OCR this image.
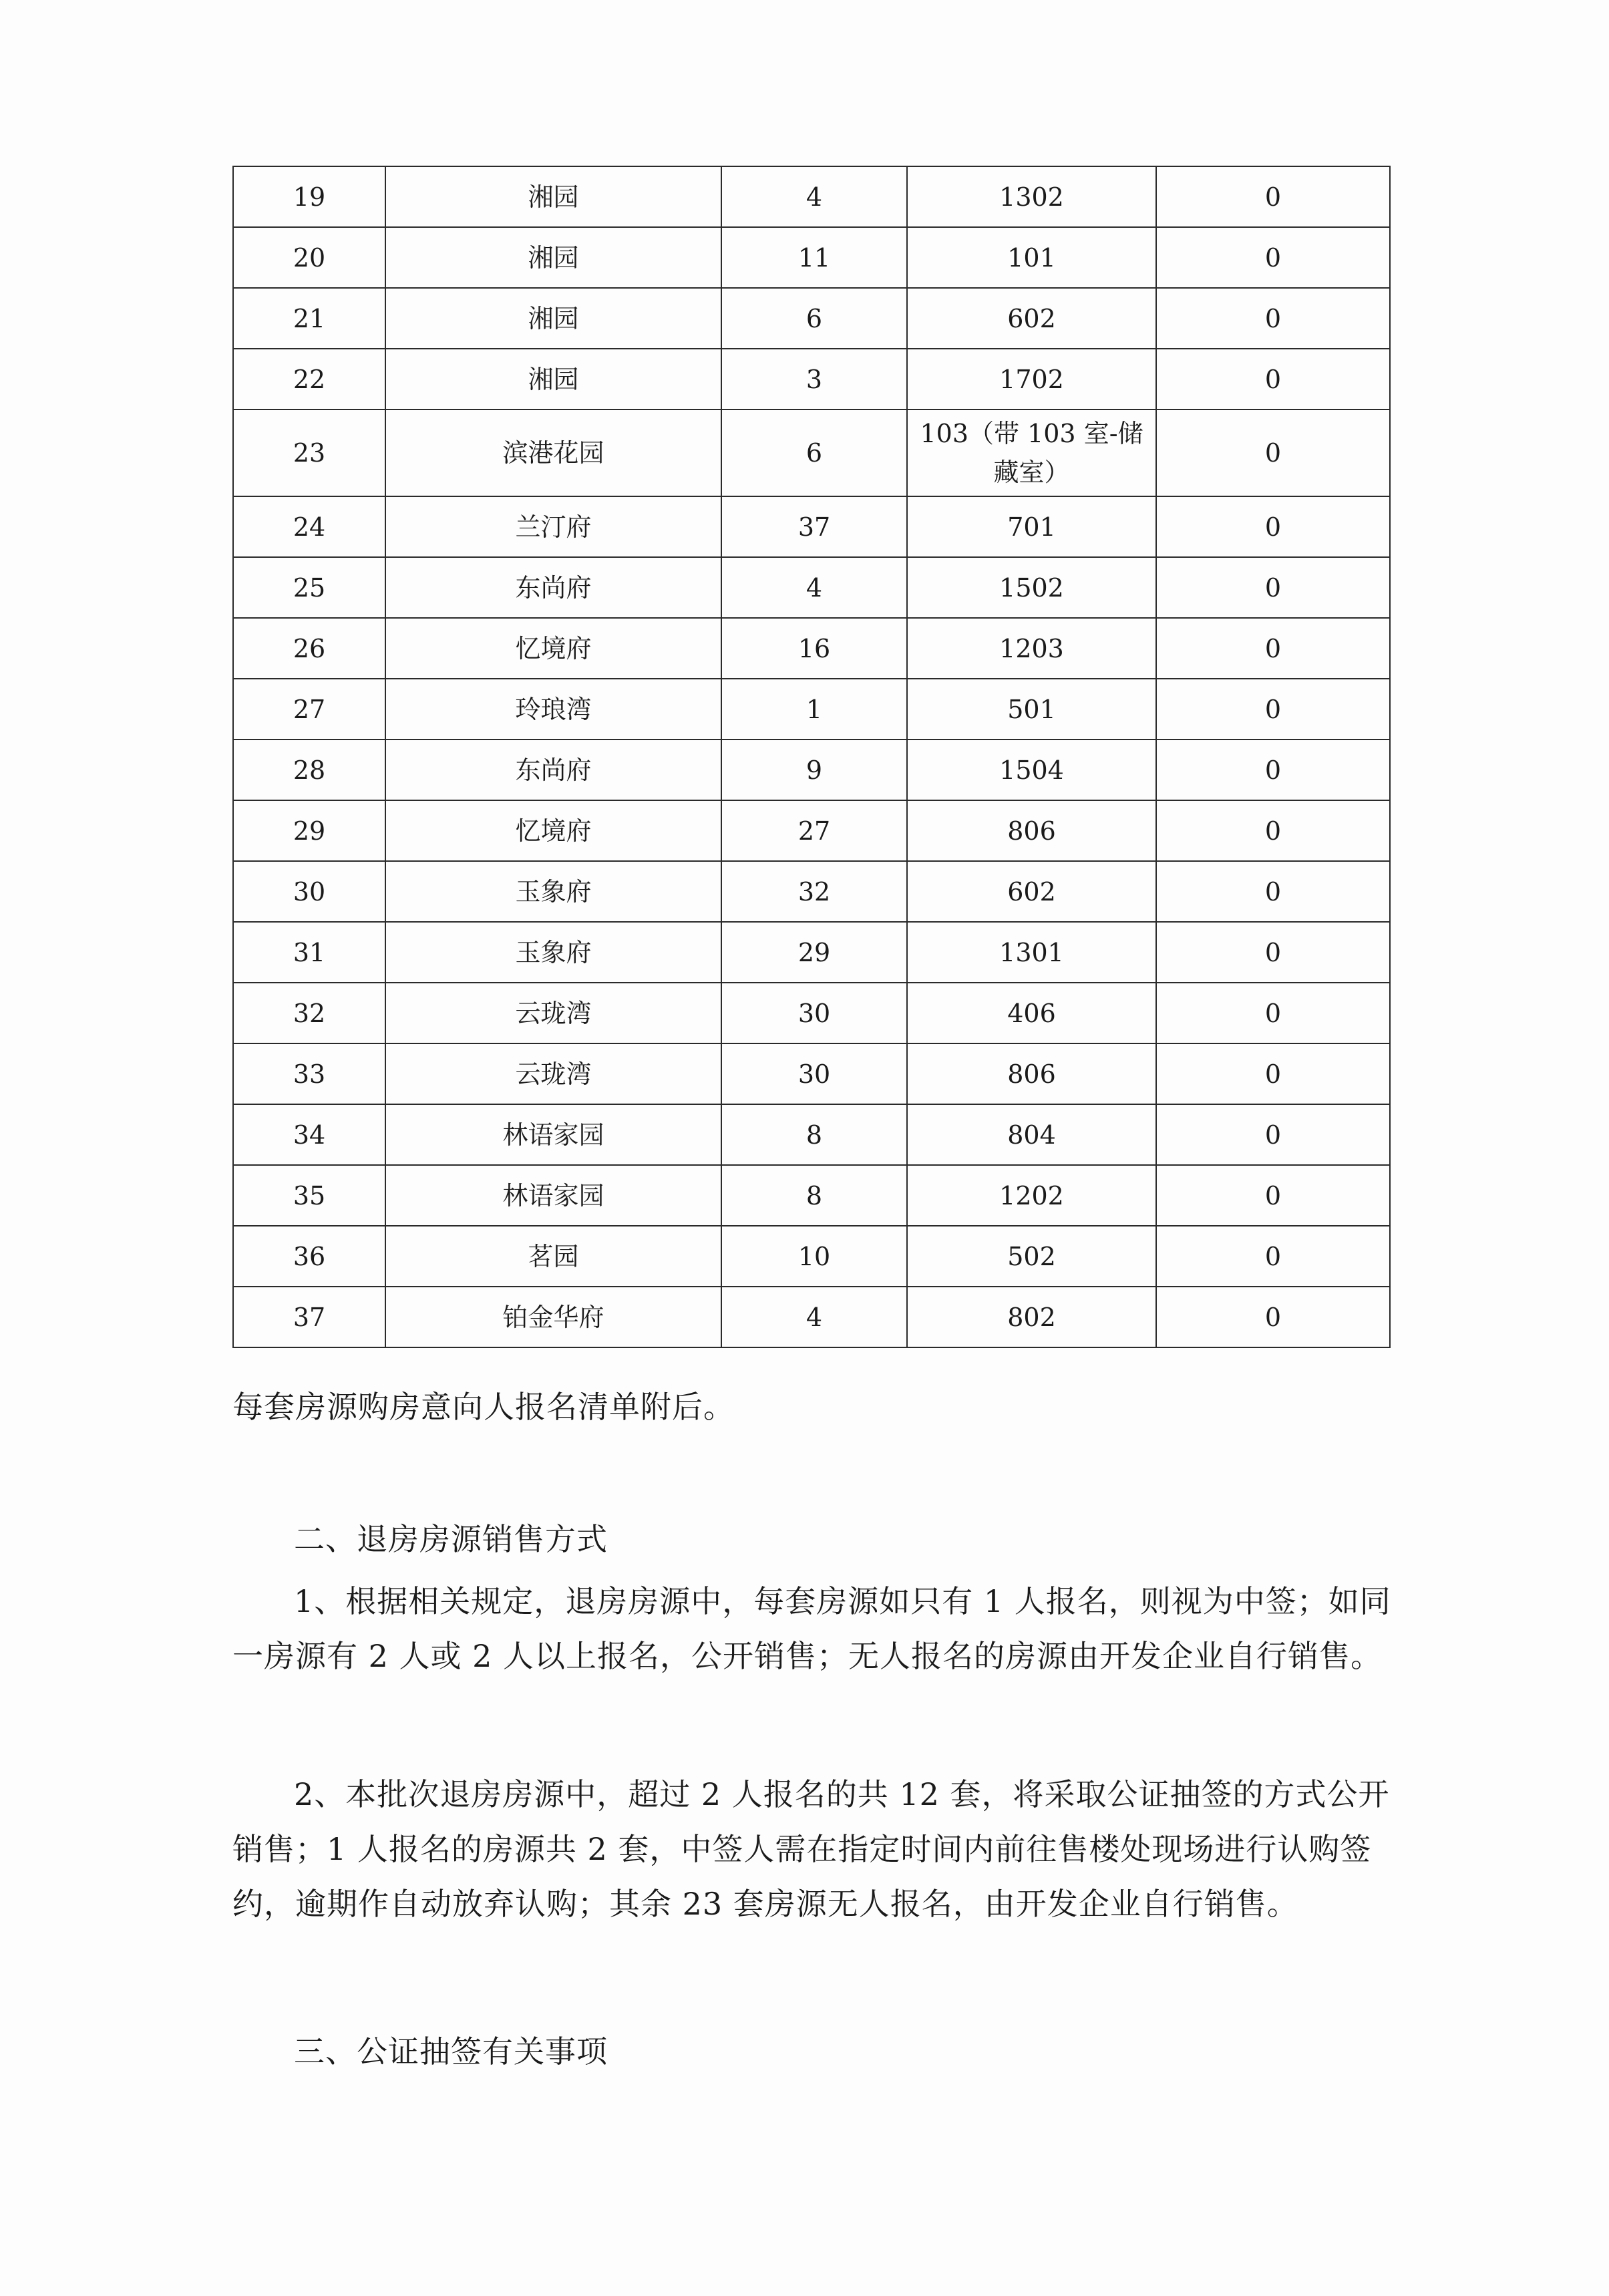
19	湘园	4	1302	0
20	湘园	11	101	0
21	湘园	6	602	0
22	湘园	3	1702	0
23	滨港花园	6	103（带 103 室-储藏室）	0
24	兰汀府	37	701	0
25	东尚府	4	1502	0
26	忆境府	16	1203	0
27	玲琅湾	1	501	0
28	东尚府	9	1504	0
29	忆境府	27	806	0
30	玉象府	32	602	0
31	玉象府	29	1301	0
32	云珑湾	30	406	0
33	云珑湾	30	806	0
34	林语家园	8	804	0
35	林语家园	8	1202	0
36	茗园	10	502	0
37	铂金华府	4	802	0
每套房源购房意向人报名清单附后。
二、退房房源销售方式
1、根据相关规定，退房房源中，每套房源如只有 1 人报名，则视为中签；如同一房源有 2 人或 2 人以上报名，公开销售；无人报名的房源由开发企业自行销售。
2、本批次退房房源中，超过 2 人报名的共 12 套，将采取公证抽签的方式公开销售；1 人报名的房源共 2 套，中签人需在指定时间内前往售楼处现场进行认购签约，逾期作自动放弃认购；其余 23 套房源无人报名，由开发企业自行销售。
三、公证抽签有关事项
